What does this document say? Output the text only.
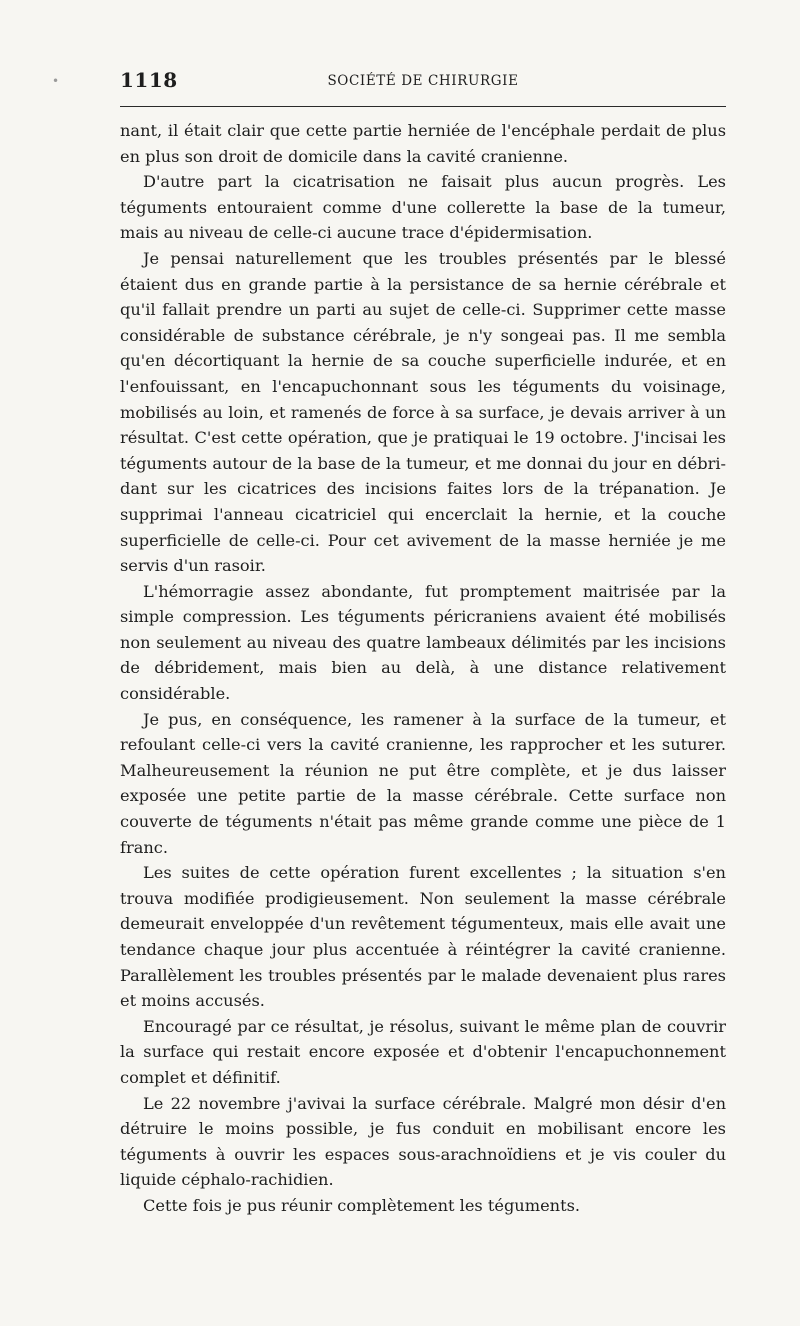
•	1118	SOCIÉTÉ DE CHIRURGIE

nant, il était clair que cette partie herniée de l'encéphale perdait de plus en plus son droit de domicile dans la cavité cranienne.

D'autre part la cicatrisation ne faisait plus aucun progrès. Les téguments entouraient comme d'une collerette la base de la tumeur, mais au niveau de celle-ci aucune trace d'épidermisation.

Je pensai naturellement que les troubles présentés par le blessé étaient dus en grande partie à la persistance de sa hernie cérébrale et qu'il fallait prendre un parti au sujet de celle-ci. Supprimer cette masse considérable de substance cérébrale, je n'y songeai pas. Il me sembla qu'en décortiquant la hernie de sa couche superficielle indurée, et en l'enfouissant, en l'encapuchonnant sous les téguments du voisinage, mobilisés au loin, et ramenés de force à sa surface, je devais arriver à un résultat. C'est cette opération, que je pratiquai le 19 octobre. J'incisai les téguments autour de la base de la tumeur, et me donnai du jour en débridant sur les cicatrices des incisions faites lors de la trépanation. Je supprimai l'anneau cicatriciel qui encerclait la hernie, et la couche superficielle de celle-ci. Pour cet avivement de la masse herniée je me servis d'un rasoir.

L'hémorragie assez abondante, fut promptement maitrisée par la simple compression. Les téguments péricraniens avaient été mobilisés non seulement au niveau des quatre lambeaux délimités par les incisions de débridement, mais bien au delà, à une distance relativement considérable.

Je pus, en conséquence, les ramener à la surface de la tumeur, et refoulant celle-ci vers la cavité cranienne, les rapprocher et les suturer. Malheureusement la réunion ne put être complète, et je dus laisser exposée une petite partie de la masse cérébrale. Cette surface non couverte de téguments n'était pas même grande comme une pièce de 1 franc.

Les suites de cette opération furent excellentes ; la situation s'en trouva modifiée prodigieusement. Non seulement la masse cérébrale demeurait enveloppée d'un revêtement tégumenteux, mais elle avait une tendance chaque jour plus accentuée à réintégrer la cavité cranienne. Parallèlement les troubles présentés par le malade devenaient plus rares et moins accusés.

Encouragé par ce résultat, je résolus, suivant le même plan de couvrir la surface qui restait encore exposée et d'obtenir l'encapuchonnement complet et définitif.

Le 22 novembre j'avivai la surface cérébrale. Malgré mon désir d'en détruire le moins possible, je fus conduit en mobilisant encore les téguments à ouvrir les espaces sous-arachnoïdiens et je vis couler du liquide céphalo-rachidien.

Cette fois je pus réunir complètement les téguments.
